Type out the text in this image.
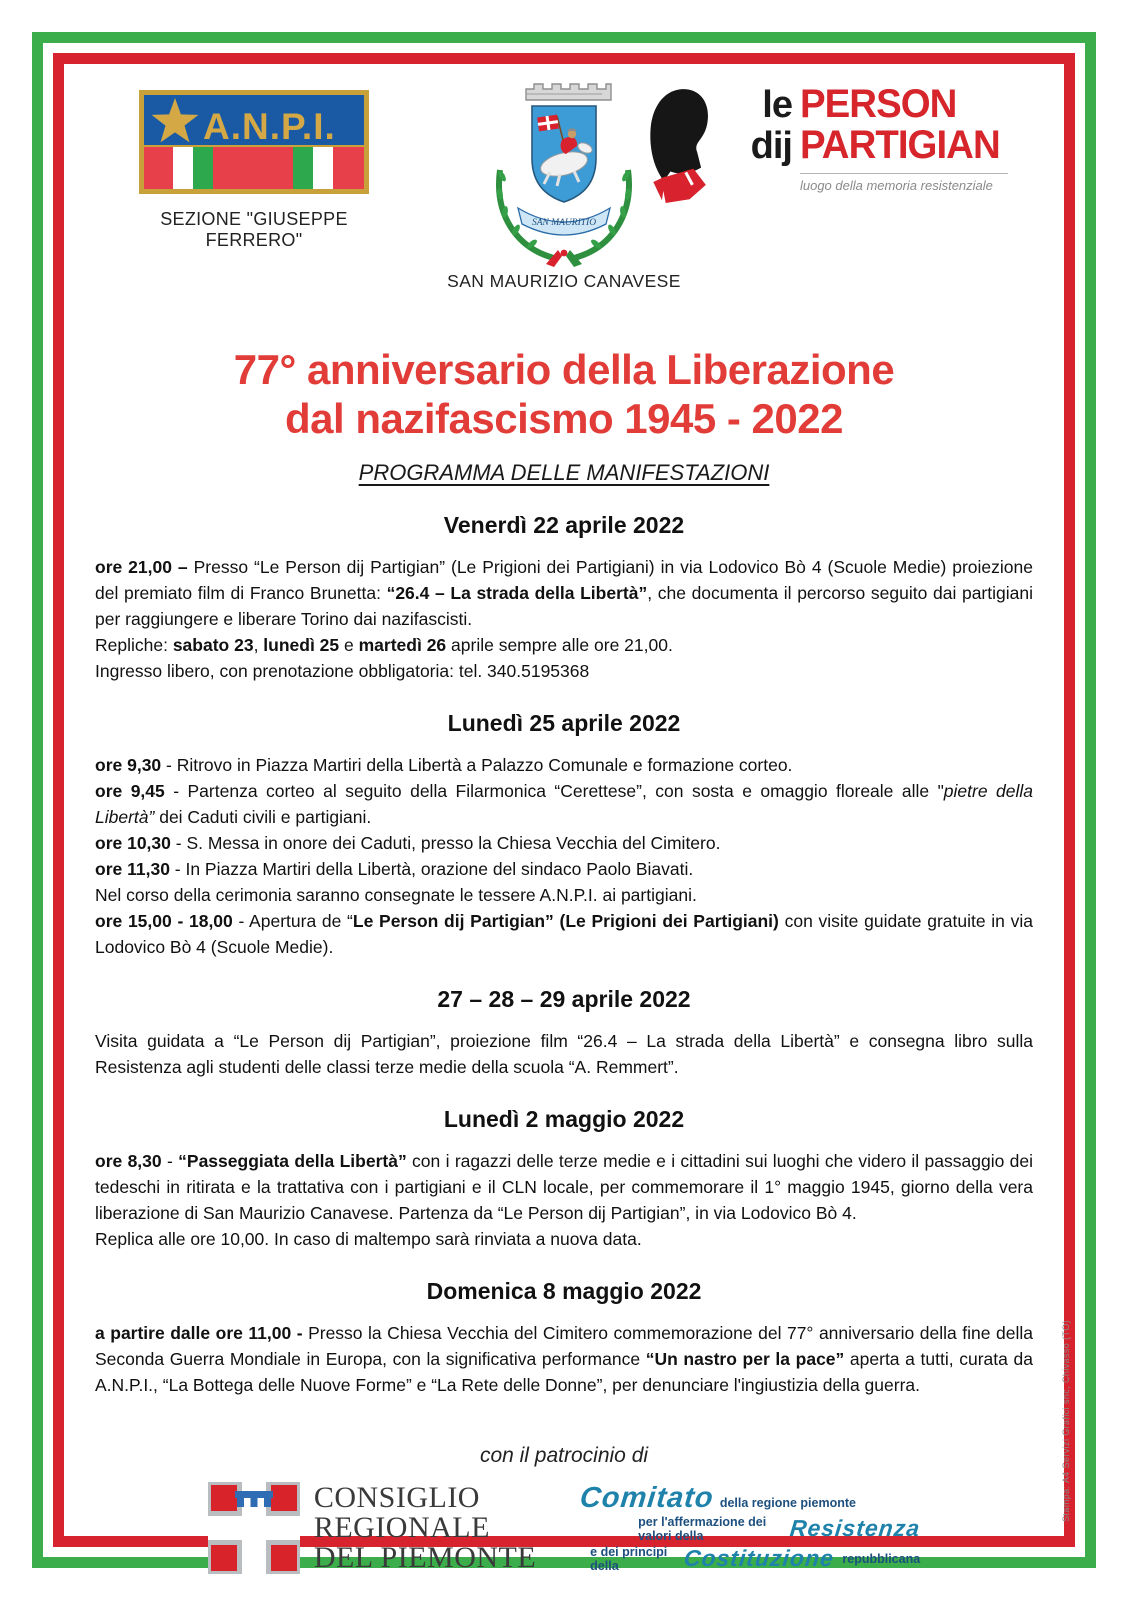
A.N.P.I.
SEZIONE "GIUSEPPE FERRERO"
SAN MAURITIO
SAN MAURIZIO CANAVESE
le PERSON
dij PARTIGIAN
luogo della memoria resistenziale
77° anniversario della Liberazione
dal nazifascismo 1945 - 2022
PROGRAMMA DELLE MANIFESTAZIONI
Venerdì 22 aprile 2022

ore 21,00 – Presso “Le Person dij Partigian” (Le Prigioni dei Partigiani) in via Lodovico Bò 4 (Scuole Medie) proiezione del premiato film di Franco Brunetta: “26.4 – La strada della Libertà”, che documenta il percorso seguito dai partigiani per raggiungere e liberare Torino dai nazifascisti.

Repliche: sabato 23, lunedì 25 e martedì 26 aprile sempre alle ore 21,00.

Ingresso libero, con prenotazione obbligatoria: tel. 340.5195368

Lunedì 25 aprile 2022

ore 9,30 - Ritrovo in Piazza Martiri della Libertà a Palazzo Comunale e formazione corteo.

ore 9,45 - Partenza corteo al seguito della Filarmonica “Cerettese”, con sosta e omaggio floreale alle "pietre della Libertà” dei Caduti civili e partigiani.

ore 10,30 - S. Messa in onore dei Caduti, presso la Chiesa Vecchia del Cimitero.

ore 11,30 - In Piazza Martiri della Libertà, orazione del sindaco Paolo Biavati.

Nel corso della cerimonia saranno consegnate le tessere A.N.P.I. ai partigiani.

ore 15,00 - 18,00 - Apertura de “Le Person dij Partigian” (Le Prigioni dei Partigiani) con visite guidate gratuite in via Lodovico Bò 4 (Scuole Medie).

27 – 28 – 29 aprile 2022

Visita guidata a “Le Person dij Partigian”, proiezione film “26.4 – La strada della Libertà” e consegna libro sulla Resistenza agli studenti delle classi terze medie della scuola “A. Remmert”.

Lunedì 2 maggio 2022

ore 8,30 - “Passeggiata della Libertà” con i ragazzi delle terze medie e i cittadini sui luoghi che videro il passaggio dei tedeschi in ritirata e la trattativa con i partigiani e il CLN locale, per commemorare il 1° maggio 1945, giorno della vera liberazione di San Maurizio Canavese. Partenza da “Le Person dij Partigian”, in via Lodovico Bò 4.

Replica alle ore 10,00. In caso di maltempo sarà rinviata a nuova data.

Domenica 8 maggio 2022

a partire dalle ore 11,00 - Presso la Chiesa Vecchia del Cimitero commemorazione del 77° anniversario della fine della Seconda Guerra Mondiale in Europa, con la significativa performance “Un nastro per la pace” aperta a tutti, curata da A.N.P.I., “La Bottega delle Nuove Forme” e “La Rete delle Donne”, per denunciare l'ingiustizia della guerra.

con il patrocinio di
CONSIGLIO
REGIONALE
DEL PIEMONTE
Comitato della regione piemonte
per l'affermazione dei valori della	Resistenza
e dei principi della	Costituzione repubblicana
Stampa: A4 Servizi Grafici snc, Chivasso (TO)
